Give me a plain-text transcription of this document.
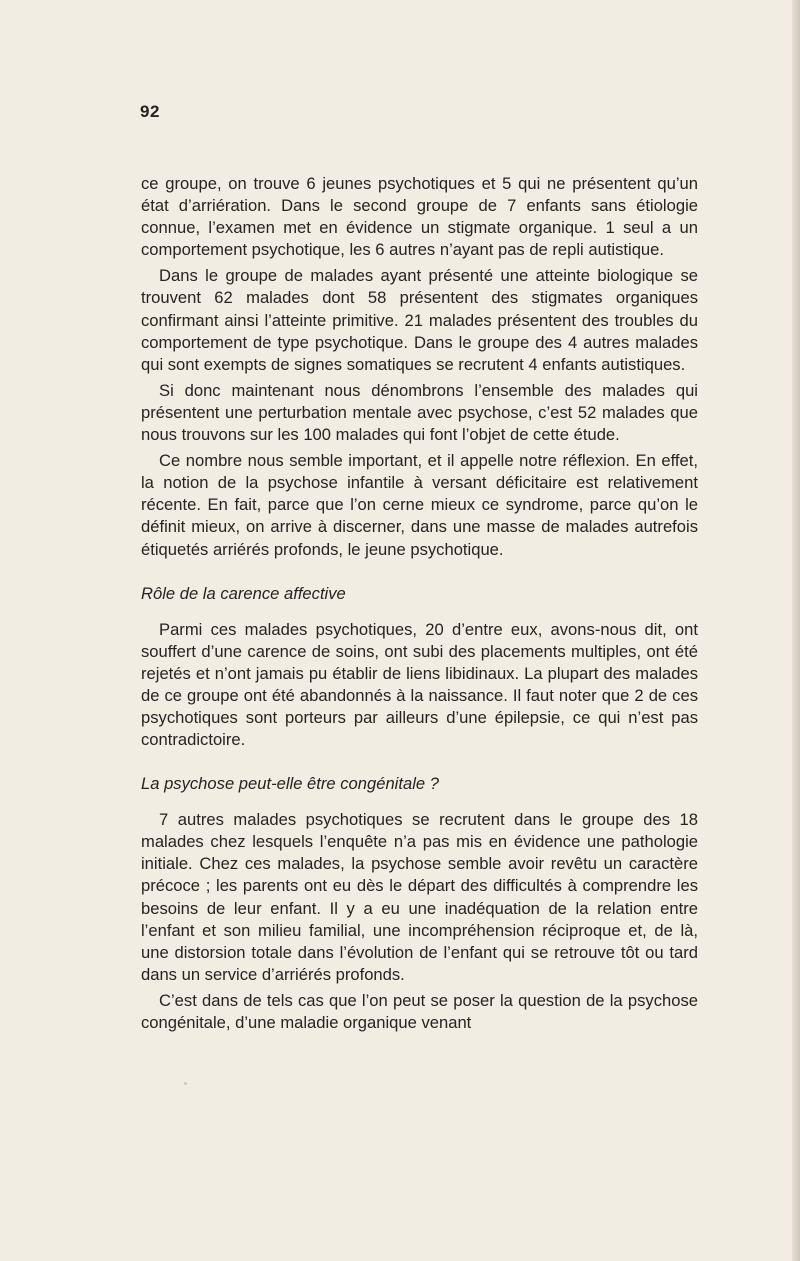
92

ce groupe, on trouve 6 jeunes psychotiques et 5 qui ne présentent qu’un état d’arriération. Dans le second groupe de 7 enfants sans étiologie connue, l’examen met en évidence un stigmate organique. 1 seul a un comportement psychotique, les 6 autres n’ayant pas de repli autistique.

Dans le groupe de malades ayant présenté une atteinte biologique se trouvent 62 malades dont 58 présentent des stigmates organiques confirmant ainsi l’atteinte primitive. 21 malades présentent des troubles du comportement de type psychotique. Dans le groupe des 4 autres malades qui sont exempts de signes somatiques se recrutent 4 enfants autistiques.

Si donc maintenant nous dénombrons l’ensemble des malades qui présentent une perturbation mentale avec psychose, c’est 52 malades que nous trouvons sur les 100 malades qui font l’objet de cette étude.

Ce nombre nous semble important, et il appelle notre réflexion. En effet, la notion de la psychose infantile à versant déficitaire est relativement récente. En fait, parce que l’on cerne mieux ce syndrome, parce qu’on le définit mieux, on arrive à discerner, dans une masse de malades autrefois étiquetés arriérés profonds, le jeune psychotique.

Rôle de la carence affective

Parmi ces malades psychotiques, 20 d’entre eux, avons-nous dit, ont souffert d’une carence de soins, ont subi des placements multiples, ont été rejetés et n’ont jamais pu établir de liens libidinaux. La plupart des malades de ce groupe ont été abandonnés à la naissance. Il faut noter que 2 de ces psychotiques sont porteurs par ailleurs d’une épilepsie, ce qui n’est pas contradictoire.

La psychose peut-elle être congénitale ?

7 autres malades psychotiques se recrutent dans le groupe des 18 malades chez lesquels l’enquête n’a pas mis en évidence une pathologie initiale. Chez ces malades, la psychose semble avoir revêtu un caractère précoce ; les parents ont eu dès le départ des difficultés à comprendre les besoins de leur enfant. Il y a eu une inadéquation de la relation entre l’enfant et son milieu familial, une incompréhension réciproque et, de là, une distorsion totale dans l’évolution de l’enfant qui se retrouve tôt ou tard dans un service d’arriérés profonds.

C’est dans de tels cas que l’on peut se poser la question de la psychose congénitale, d’une maladie organique venant
